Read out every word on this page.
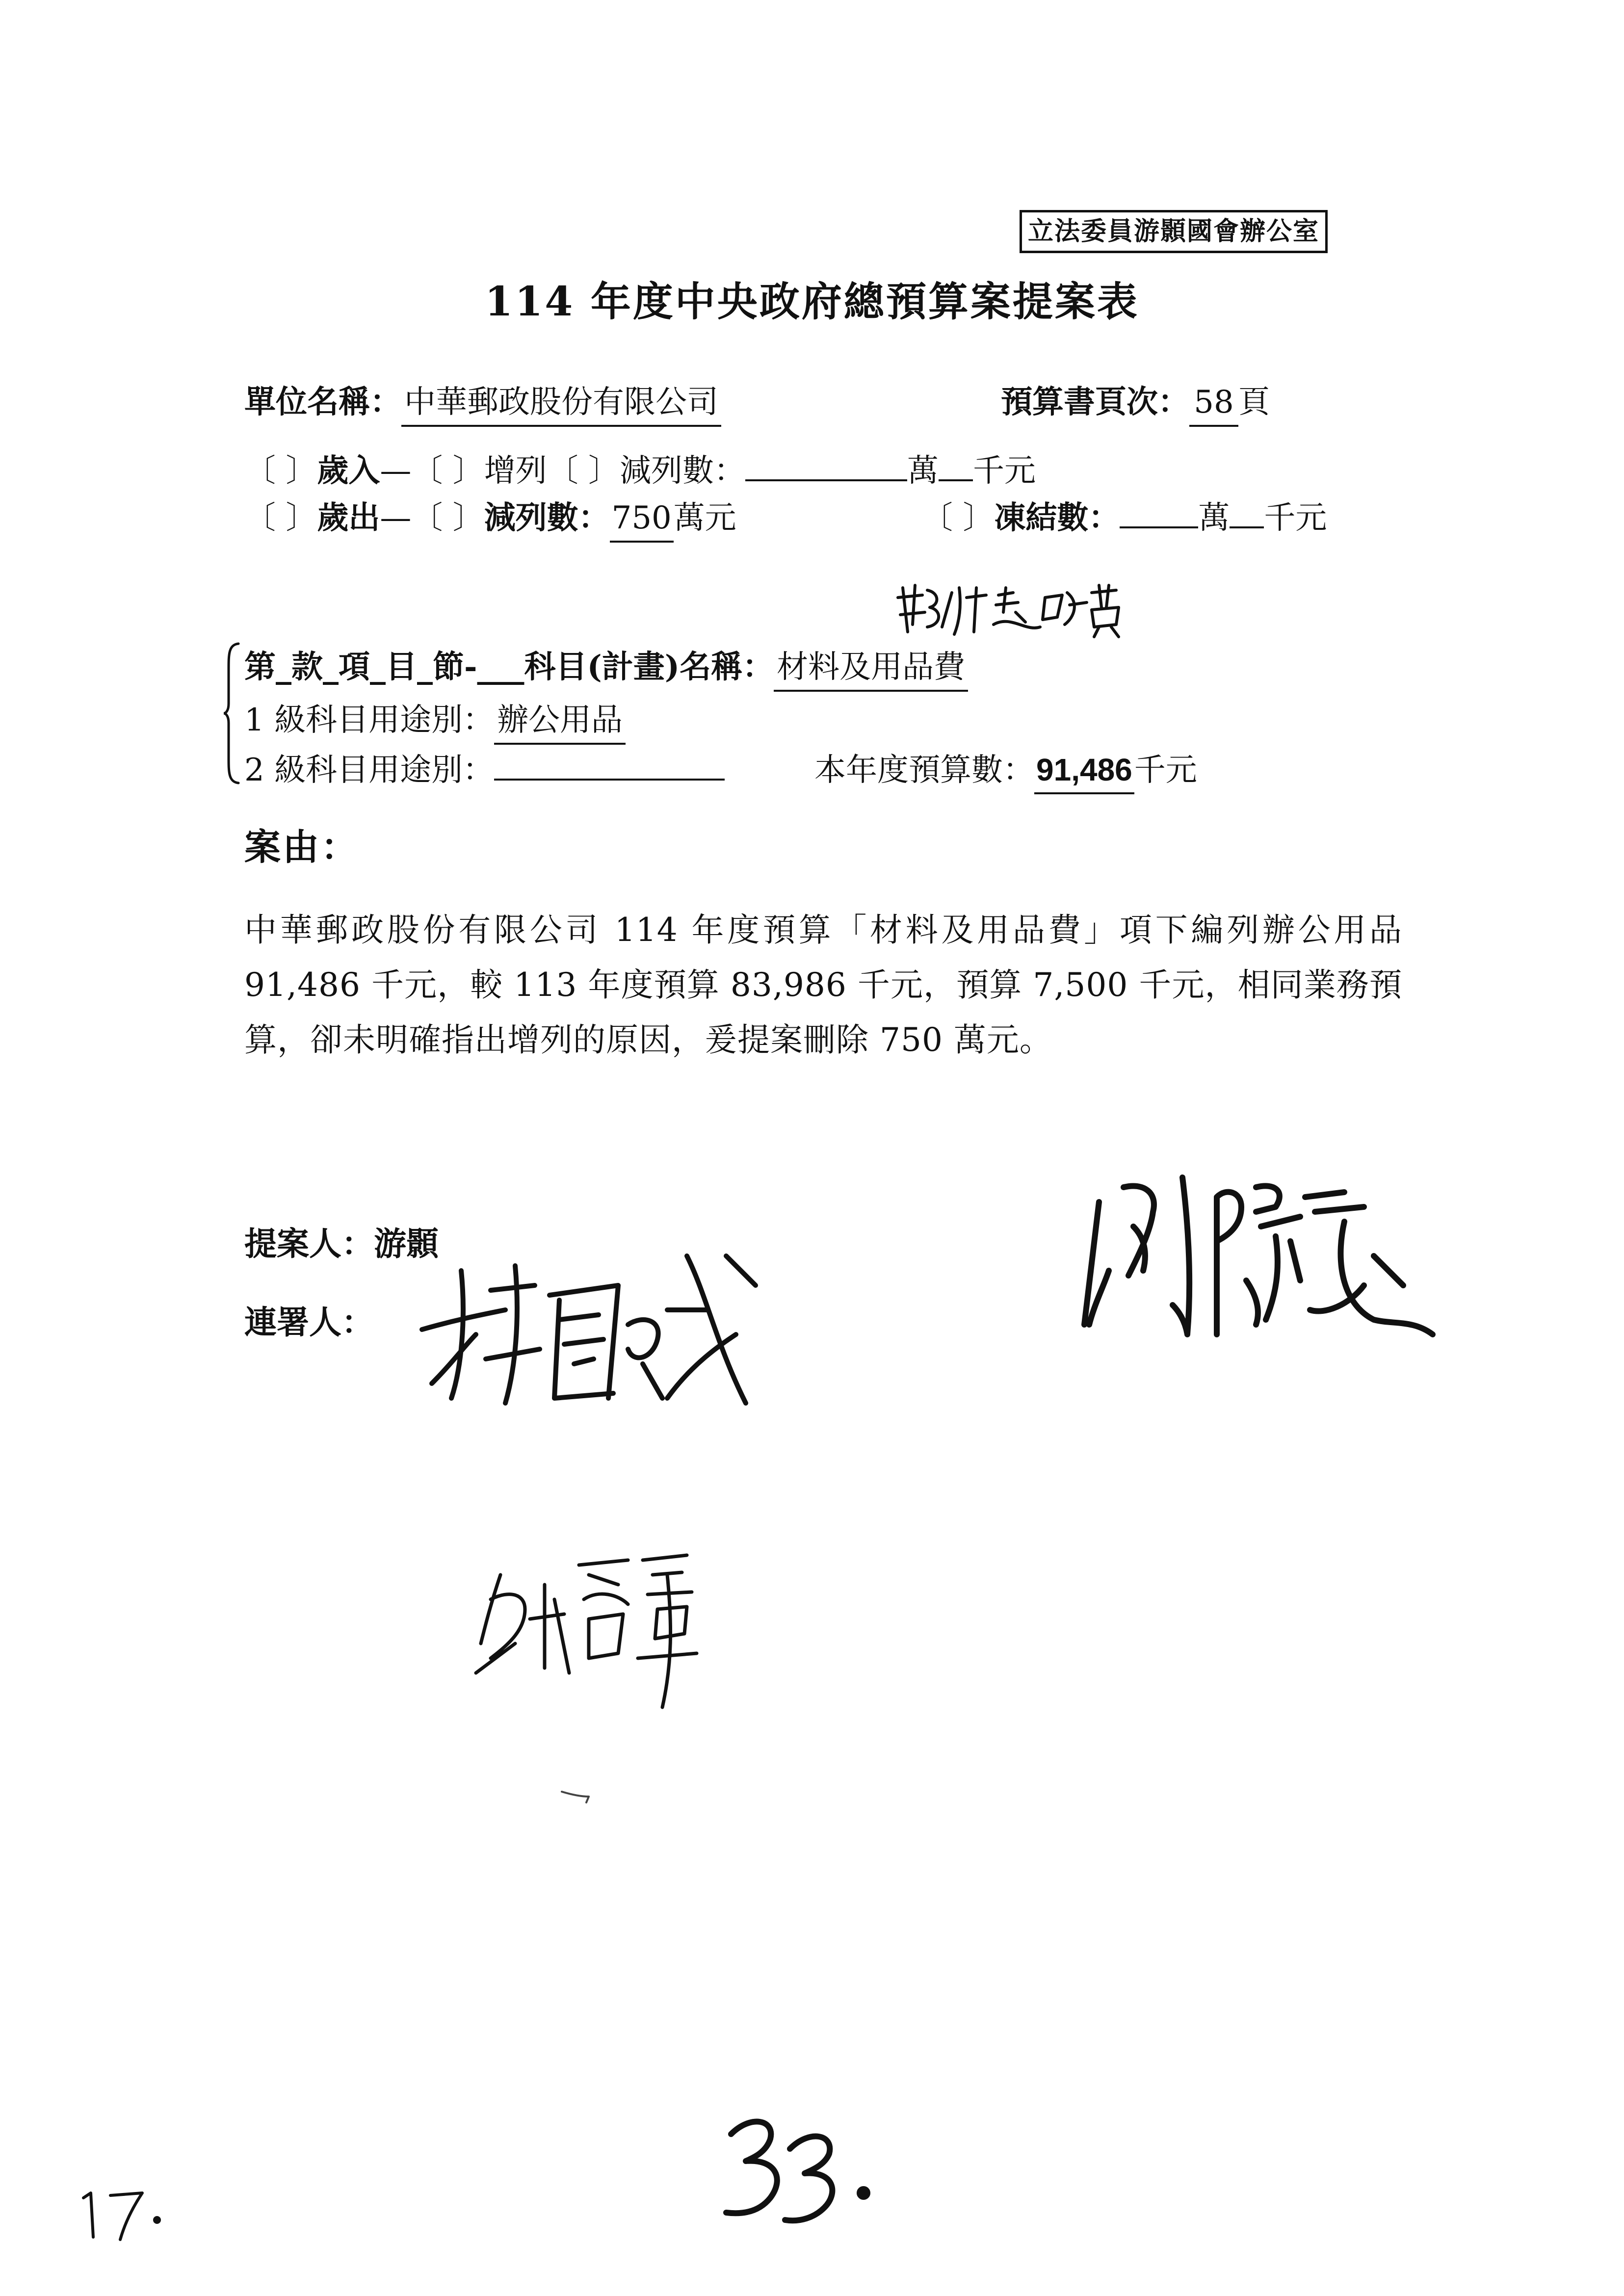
立法委員游顥國會辦公室
114 年度中央政府總預算案提案表
單位名稱：中華郵政股份有限公司	預算書頁次： 58 頁
〔 〕歲入—〔 〕增列〔 〕減列數：	萬 千元
〔 〕歲出—〔 〕減列數：750萬元	〔 〕凍結數：	萬 千元
第_款_項_目_節-___科目(計畫)名稱：材料及用品費
1 級科目用途別：辦公用品
2 級科目用途別：	本年度預算數：91,486千元
案由：
中華郵政股份有限公司 114 年度預算「材料及用品費」項下編列辦公用品 91,486 千元，較 113 年度預算 83,986 千元，預算 7,500 千元，相同業務預算，卻未明確指出增列的原因，爰提案刪除 750 萬元。
提案人：游顥
連署人：
